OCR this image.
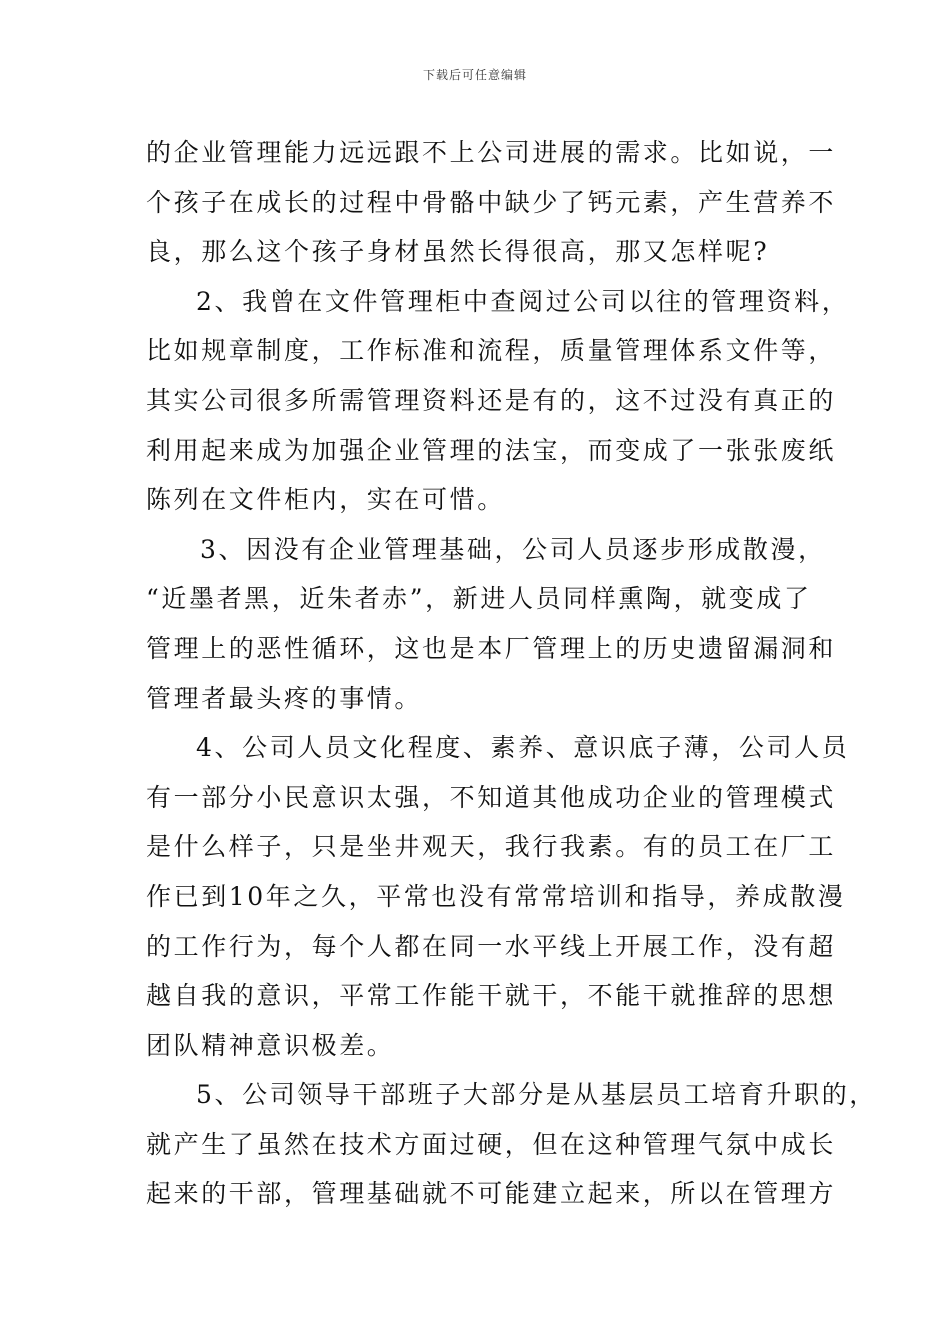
下载后可任意编辑
的企业管理能力远远跟不上公司进展的需求。比如说，一
个孩子在成长的过程中骨骼中缺少了钙元素，产生营养不
良，那么这个孩子身材虽然长得很高，那又怎样呢?
2、我曾在文件管理柜中查阅过公司以往的管理资料，
比如规章制度，工作标准和流程，质量管理体系文件等，
其实公司很多所需管理资料还是有的，这不过没有真正的
利用起来成为加强企业管理的法宝，而变成了一张张废纸
陈列在文件柜内，实在可惜。
3、因没有企业管理基础，公司人员逐步形成散漫，
“近墨者黑，近朱者赤”，新进人员同样熏陶，就变成了
管理上的恶性循环，这也是本厂管理上的历史遗留漏洞和
管理者最头疼的事情。
4、公司人员文化程度、素养、意识底子薄，公司人员
有一部分小民意识太强，不知道其他成功企业的管理模式
是什么样子，只是坐井观天，我行我素。有的员工在厂工
作已到10年之久，平常也没有常常培训和指导，养成散漫
的工作行为，每个人都在同一水平线上开展工作，没有超
越自我的意识，平常工作能干就干，不能干就推辞的思想
团队精神意识极差。
5、公司领导干部班子大部分是从基层员工培育升职的，
就产生了虽然在技术方面过硬，但在这种管理气氛中成长
起来的干部，管理基础就不可能建立起来，所以在管理方
